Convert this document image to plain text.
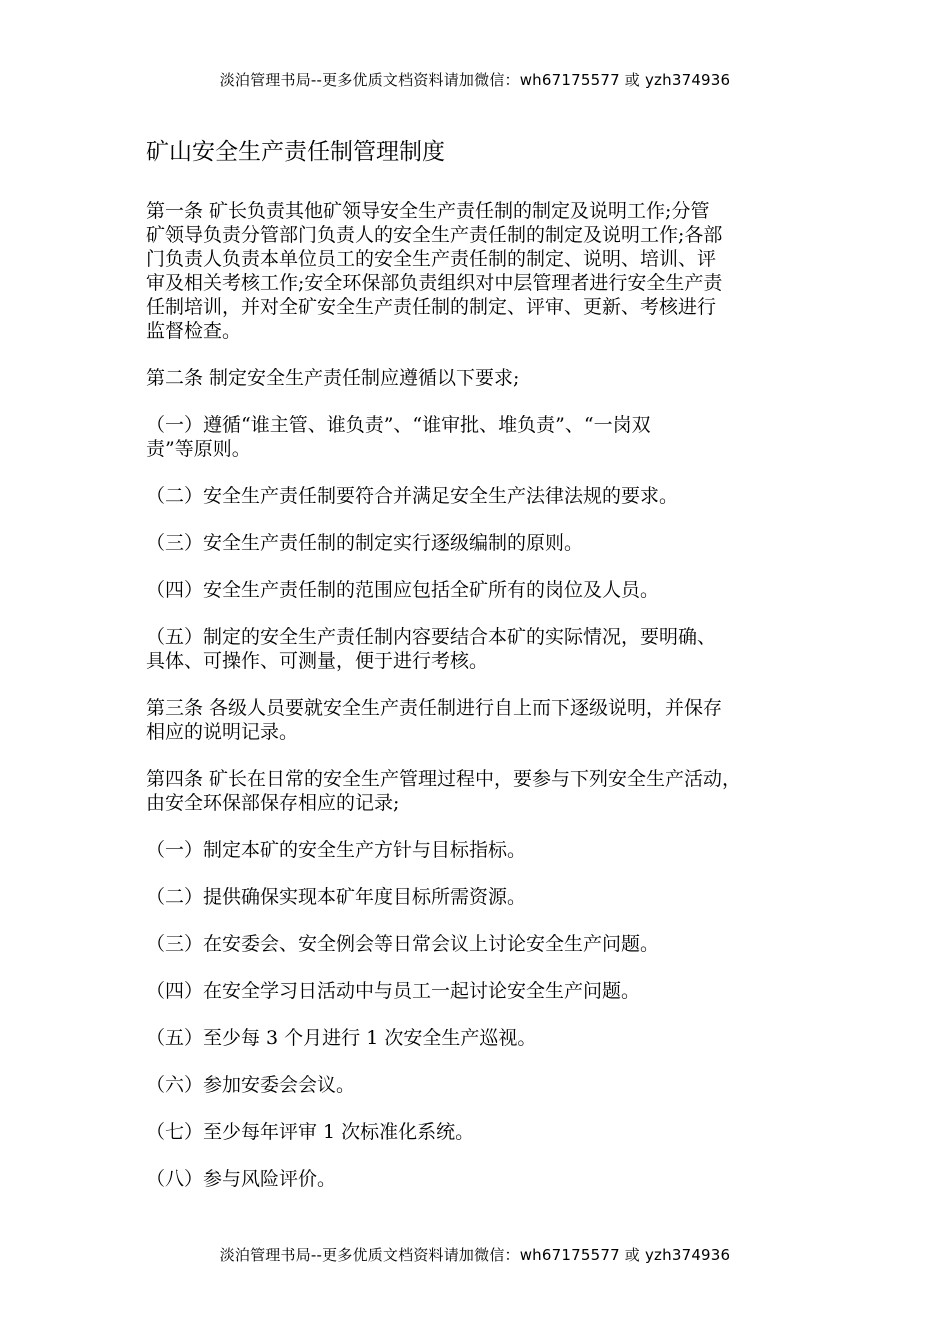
淡泊管理书局--更多优质文档资料请加微信：wh67175577 或 yzh374936
矿山安全生产责任制管理制度

第一条 矿长负责其他矿领导安全生产责任制的制定及说明工作;分管
矿领导负责分管部门负责人的安全生产责任制的制定及说明工作;各部
门负责人负责本单位员工的安全生产责任制的制定、说明、培训、评
审及相关考核工作;安全环保部负责组织对中层管理者进行安全生产责
任制培训，并对全矿安全生产责任制的制定、评审、更新、考核进行
监督检查。

第二条 制定安全生产责任制应遵循以下要求;

（一）遵循“谁主管、谁负责”、“谁审批、堆负责”、“一岗双
责”等原则。

（二）安全生产责任制要符合并满足安全生产法律法规的要求。

（三）安全生产责任制的制定实行逐级编制的原则。

（四）安全生产责任制的范围应包括全矿所有的岗位及人员。

（五）制定的安全生产责任制内容要结合本矿的实际情况，要明确、
具体、可操作、可测量，便于进行考核。

第三条 各级人员要就安全生产责任制进行自上而下逐级说明，并保存
相应的说明记录。

第四条 矿长在日常的安全生产管理过程中，要参与下列安全生产活动，
由安全环保部保存相应的记录;

（一）制定本矿的安全生产方针与目标指标。

（二）提供确保实现本矿年度目标所需资源。

（三）在安委会、安全例会等日常会议上讨论安全生产问题。

（四）在安全学习日活动中与员工一起讨论安全生产问题。

（五）至少每 3 个月进行 1 次安全生产巡视。

（六）参加安委会会议。

（七）至少每年评审 1 次标准化系统。

（八）参与风险评价。

淡泊管理书局--更多优质文档资料请加微信：wh67175577 或 yzh374936
